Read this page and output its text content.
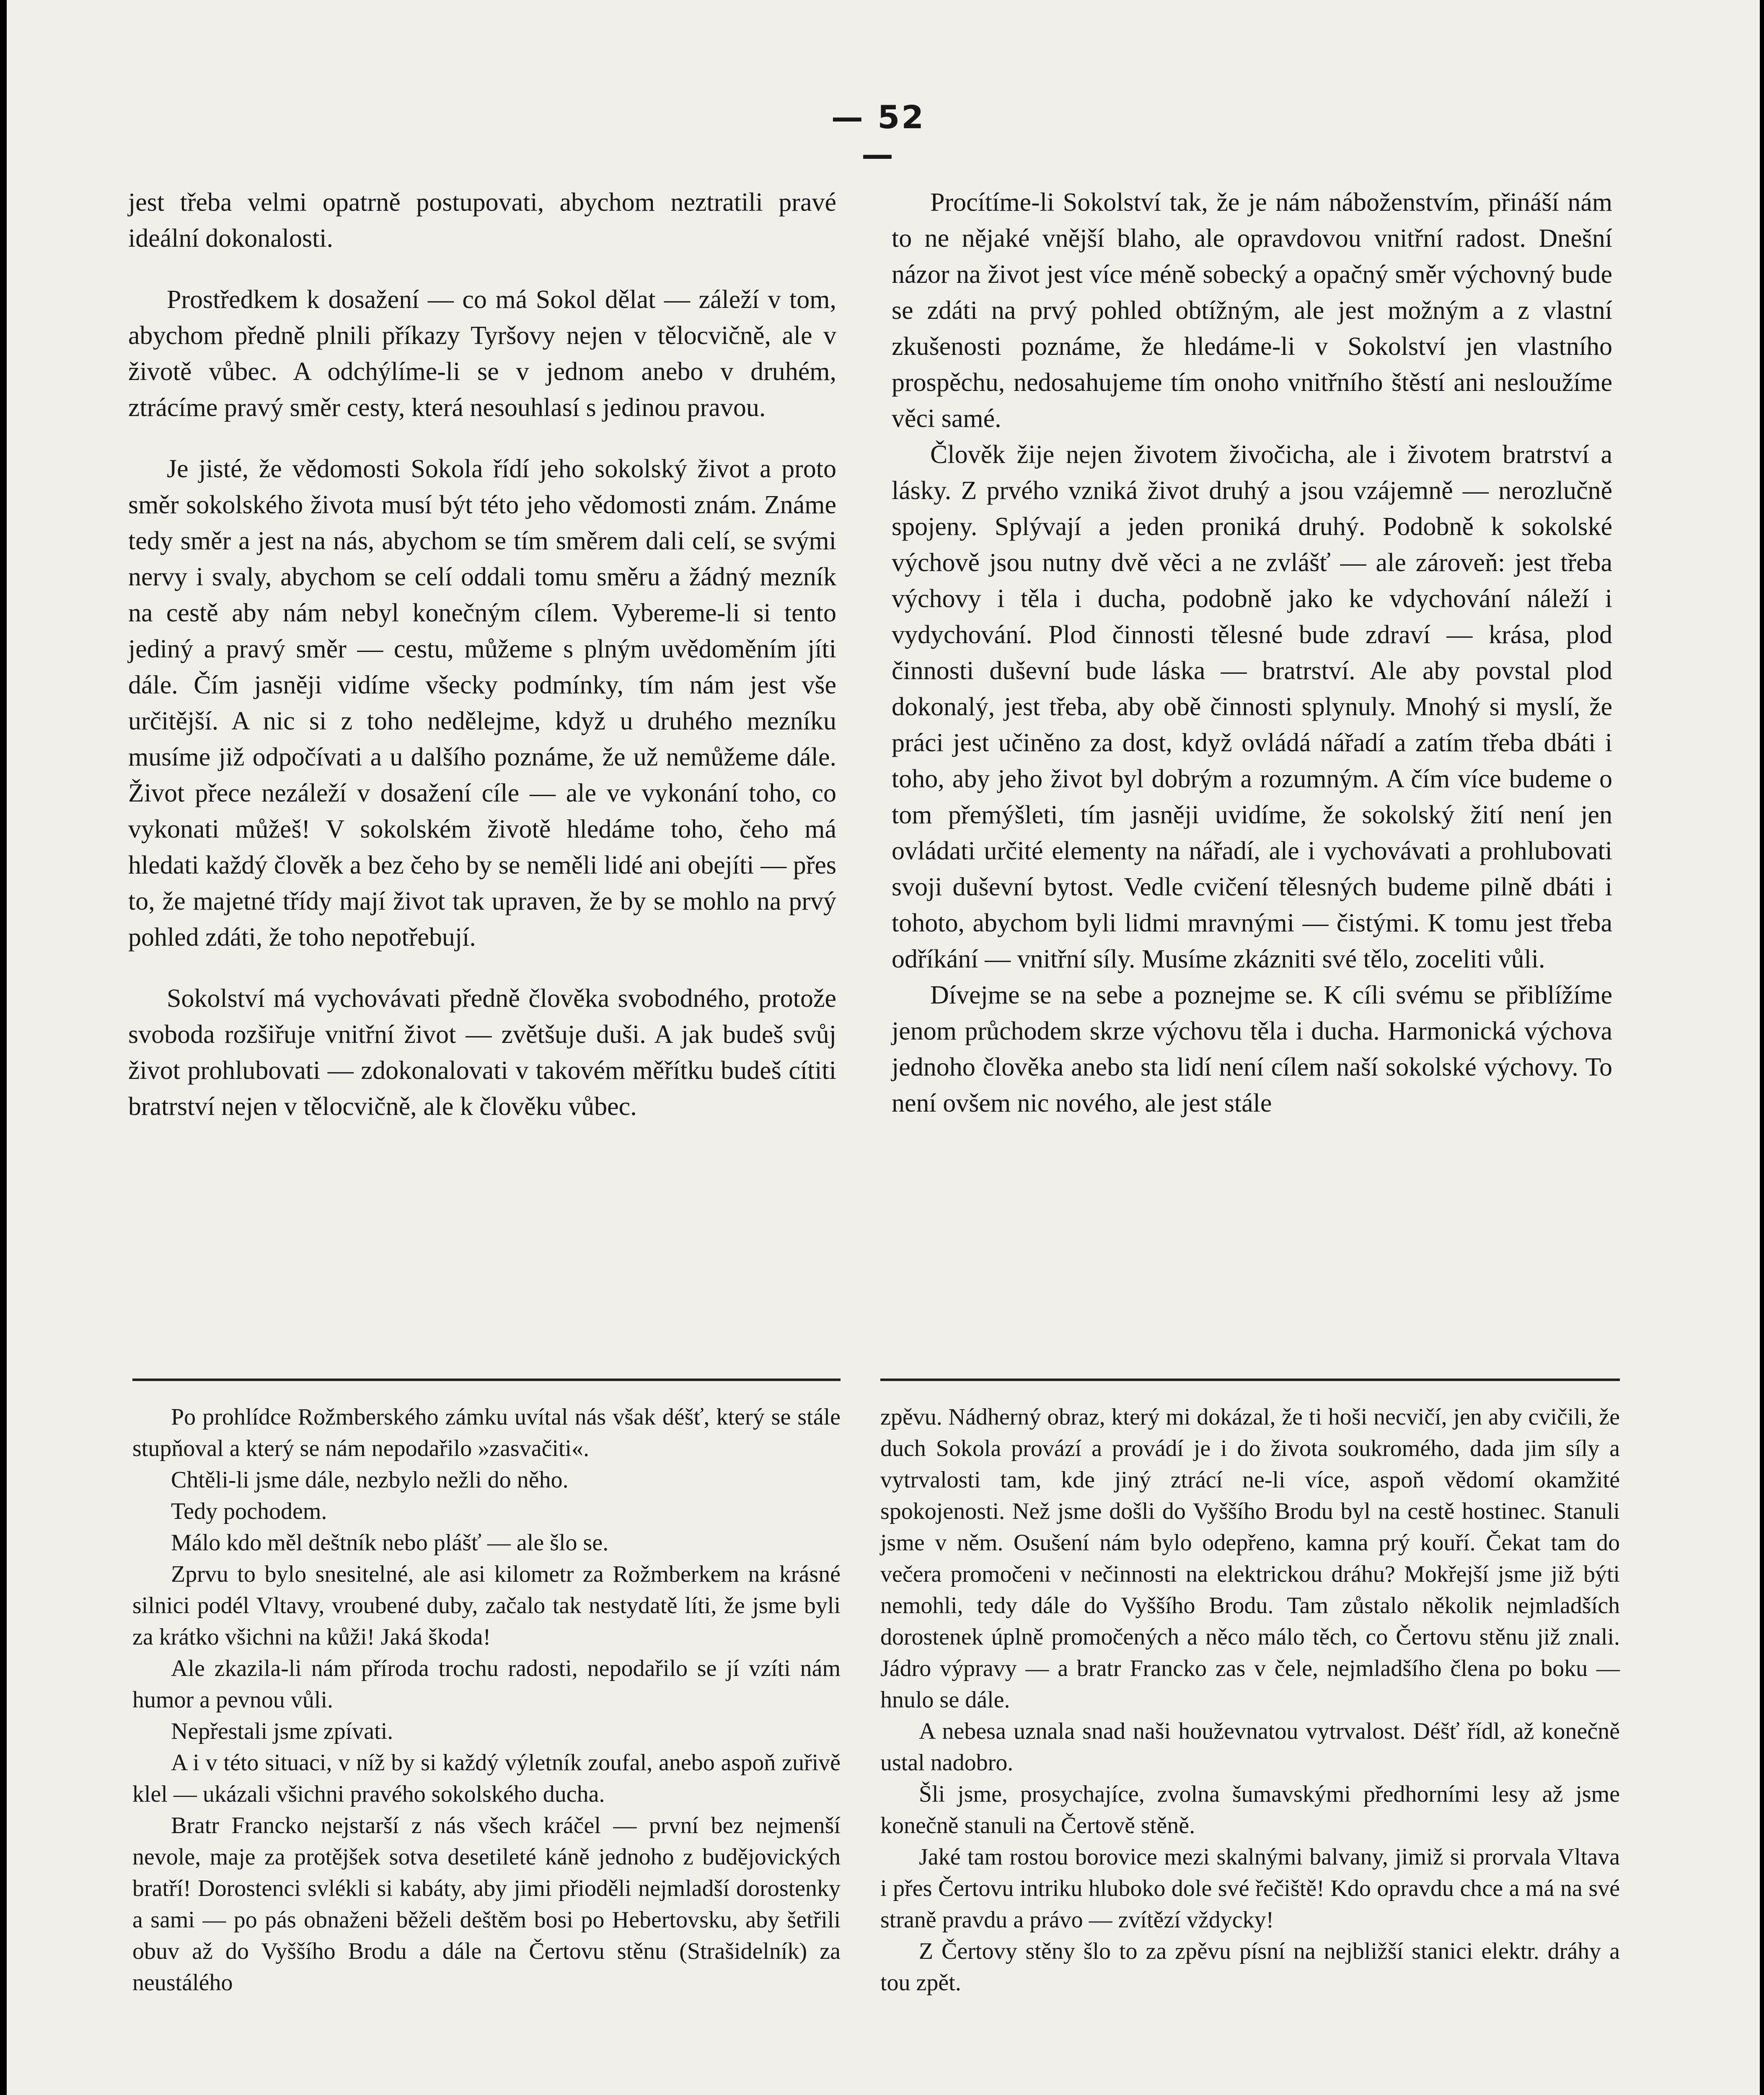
— 52 —

jest třeba velmi opatrně postupovati, abychom neztratili pravé ideální dokonalosti.

Prostředkem k dosažení — co má Sokol dělat — záleží v tom, abychom předně plnili příkazy Tyršovy nejen v tělocvičně, ale v životě vůbec. A odchýlíme-li se v jednom anebo v druhém, ztrácíme pravý směr cesty, která nesouhlasí s jedinou pravou.

Je jisté, že vědomosti Sokola řídí jeho sokolský život a proto směr sokolského života musí být této jeho vědomosti znám. Známe tedy směr a jest na nás, abychom se tím směrem dali celí, se svými nervy i svaly, abychom se celí oddali tomu směru a žádný mezník na cestě aby nám nebyl konečným cílem. Vybereme-li si tento jediný a pravý směr — cestu, můžeme s plným uvědoměním jíti dále. Čím jasněji vidíme všecky podmínky, tím nám jest vše určitější. A nic si z toho nedělejme, když u druhého mezníku musíme již odpočívati a u dalšího poznáme, že už nemůžeme dále. Život přece nezáleží v dosažení cíle — ale ve vykonání toho, co vykonati můžeš! V sokolském životě hledáme toho, čeho má hledati každý člověk a bez čeho by se neměli lidé ani obejíti — přes to, že majetné třídy mají život tak upraven, že by se mohlo na prvý pohled zdáti, že toho nepotřebují.

Sokolství má vychovávati předně člověka svobodného, protože svoboda rozšiřuje vnitřní život — zvětšuje duši. A jak budeš svůj život prohlubovati — zdokonalovati v takovém měřítku budeš cítiti bratrství nejen v tělocvičně, ale k člověku vůbec.

Procítíme-li Sokolství tak, že je nám náboženstvím, přináší nám to ne nějaké vnější blaho, ale opravdovou vnitřní radost. Dnešní názor na život jest více méně sobecký a opačný směr výchovný bude se zdáti na prvý pohled obtížným, ale jest možným a z vlastní zkušenosti poznáme, že hledáme-li v Sokolství jen vlastního prospěchu, nedosahujeme tím onoho vnitřního štěstí ani nesloužíme věci samé.

Člověk žije nejen životem živočicha, ale i životem bratrství a lásky. Z prvého vzniká život druhý a jsou vzájemně — nerozlučně spojeny. Splývají a jeden proniká druhý. Podobně k sokolské výchově jsou nutny dvě věci a ne zvlášť — ale zároveň: jest třeba výchovy i těla i ducha, podobně jako ke vdychování náleží i vydychování. Plod činnosti tělesné bude zdraví — krása, plod činnosti duševní bude láska — bratrství. Ale aby povstal plod dokonalý, jest třeba, aby obě činnosti splynuly. Mnohý si myslí, že práci jest učiněno za dost, když ovládá nářadí a zatím třeba dbáti i toho, aby jeho život byl dobrým a rozumným. A čím více budeme o tom přemýšleti, tím jasněji uvidíme, že sokolský žití není jen ovládati určité elementy na nářadí, ale i vychovávati a prohlubovati svoji duševní bytost. Vedle cvičení tělesných budeme pilně dbáti i tohoto, abychom byli lidmi mravnými — čistými. K tomu jest třeba odříkání — vnitřní síly. Musíme zkázniti své tělo, zoceliti vůli.

Dívejme se na sebe a poznejme se. K cíli svému se přiblížíme jenom průchodem skrze výchovu těla i ducha. Harmonická výchova jednoho člověka anebo sta lidí není cílem naší sokolské výchovy. To není ovšem nic nového, ale jest stále

Po prohlídce Rožmberského zámku uvítal nás však déšť, který se stále stupňoval a který se nám nepodařilo »zasvačiti«.

Chtěli-li jsme dále, nezbylo nežli do něho.

Tedy pochodem.

Málo kdo měl deštník nebo plášť — ale šlo se.

Zprvu to bylo snesitelné, ale asi kilometr za Rožmberkem na krásné silnici podél Vltavy, vroubené duby, začalo tak nestydatě líti, že jsme byli za krátko všichni na kůži! Jaká škoda!

Ale zkazila-li nám příroda trochu radosti, nepodařilo se jí vzíti nám humor a pevnou vůli.

Nepřestali jsme zpívati.

A i v této situaci, v níž by si každý výletník zoufal, anebo aspoň zuřivě klel — ukázali všichni pravého sokolského ducha.

Bratr Francko nejstarší z nás všech kráčel — první bez nejmenší nevole, maje za protějšek sotva desetileté káně jednoho z budějovických bratří! Dorostenci svlékli si kabáty, aby jimi přioděli nejmladší dorostenky a sami — po pás obnaženi běželi deštěm bosi po Hebertovsku, aby šetřili obuv až do Vyššího Brodu a dále na Čertovu stěnu (Strašidelník) za neustálého

zpěvu. Nádherný obraz, který mi dokázal, že ti hoši necvičí, jen aby cvičili, že duch Sokola provází a provádí je i do života soukromého, dada jim síly a vytrvalosti tam, kde jiný ztrácí ne-li více, aspoň vědomí okamžité spokojenosti. Než jsme došli do Vyššího Brodu byl na cestě hostinec. Stanuli jsme v něm. Osušení nám bylo odepřeno, kamna prý kouří. Čekat tam do večera promočeni v nečinnosti na elektrickou dráhu? Mokřejší jsme již býti nemohli, tedy dále do Vyššího Brodu. Tam zůstalo několik nejmladších dorostenek úplně promočených a něco málo těch, co Čertovu stěnu již znali. Jádro výpravy — a bratr Francko zas v čele, nejmladšího člena po boku — hnulo se dále.

A nebesa uznala snad naši houževnatou vytrvalost. Déšť řídl, až konečně ustal nadobro.

Šli jsme, prosychajíce, zvolna šumavskými předhorními lesy až jsme konečně stanuli na Čertově stěně.

Jaké tam rostou borovice mezi skalnými balvany, jimiž si prorvala Vltava i přes Čertovu intriku hluboko dole své řečiště! Kdo opravdu chce a má na své straně pravdu a právo — zvítězí vždycky!

Z Čertovy stěny šlo to za zpěvu písní na nejbližší stanici elektr. dráhy a tou zpět.
